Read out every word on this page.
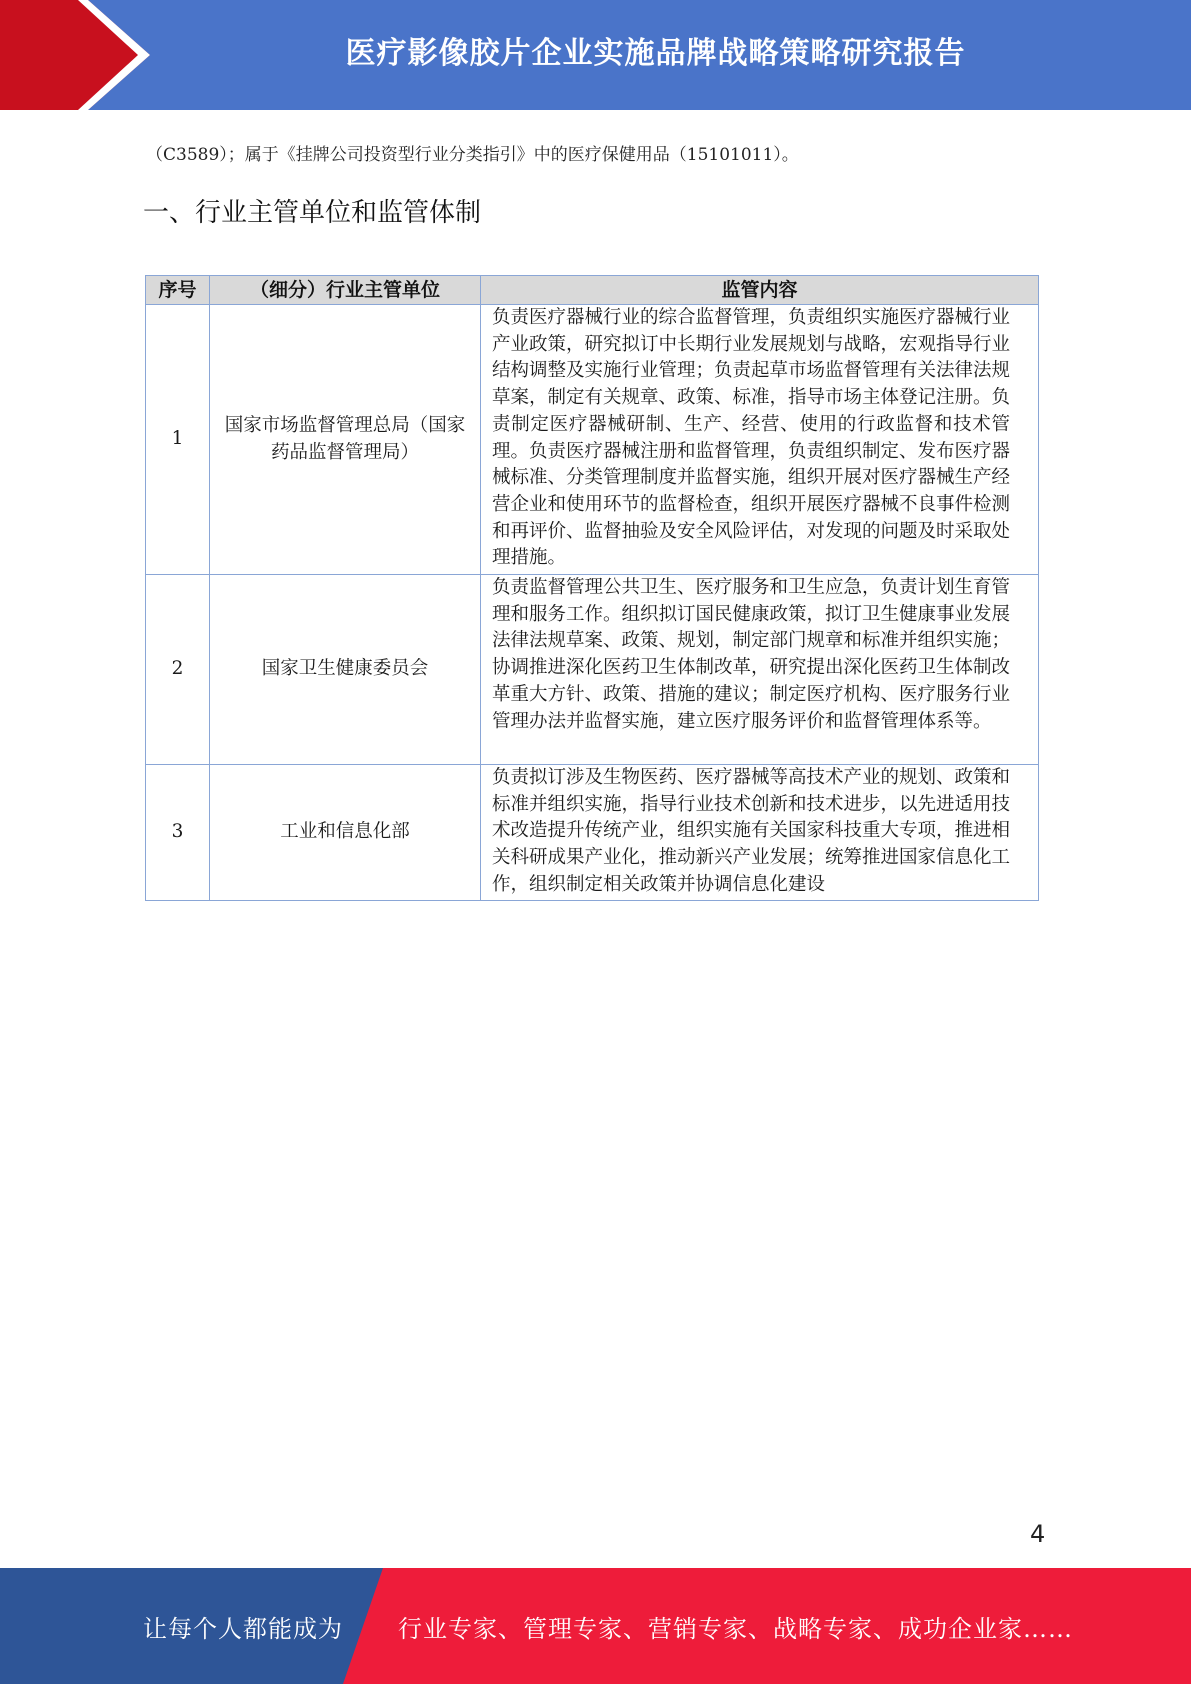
医疗影像胶片企业实施品牌战略策略研究报告
（C3589）；属于《挂牌公司投资型行业分类指引》中的医疗保健用品（15101011）。
一、行业主管单位和监管体制
序号	（细分）行业主管单位	监管内容
1	国家市场监督管理总局（国家药品监督管理局）	负责医疗器械行业的综合监督管理，负责组织实施医疗器械行业产业政策，研究拟订中长期行业发展规划与战略，宏观指导行业结构调整及实施行业管理；负责起草市场监督管理有关法律法规草案，制定有关规章、政策、标准，指导市场主体登记注册。负责制定医疗器械研制、生产、经营、使用的行政监督和技术管理。负责医疗器械注册和监督管理，负责组织制定、发布医疗器械标准、分类管理制度并监督实施，组织开展对医疗器械生产经营企业和使用环节的监督检查，组织开展医疗器械不良事件检测和再评价、监督抽验及安全风险评估，对发现的问题及时采取处理措施。
2	国家卫生健康委员会	负责监督管理公共卫生、医疗服务和卫生应急，负责计划生育管理和服务工作。组织拟订国民健康政策，拟订卫生健康事业发展法律法规草案、政策、规划，制定部门规章和标准并组织实施；协调推进深化医药卫生体制改革，研究提出深化医药卫生体制改革重大方针、政策、措施的建议；制定医疗机构、医疗服务行业管理办法并监督实施，建立医疗服务评价和监督管理体系等。
3	工业和信息化部	负责拟订涉及生物医药、医疗器械等高技术产业的规划、政策和标准并组织实施，指导行业技术创新和技术进步，以先进适用技术改造提升传统产业，组织实施有关国家科技重大专项，推进相关科研成果产业化，推动新兴产业发展；统筹推进国家信息化工作，组织制定相关政策并协调信息化建设
4
让每个人都能成为 行业专家、管理专家、营销专家、战略专家、成功企业家……
